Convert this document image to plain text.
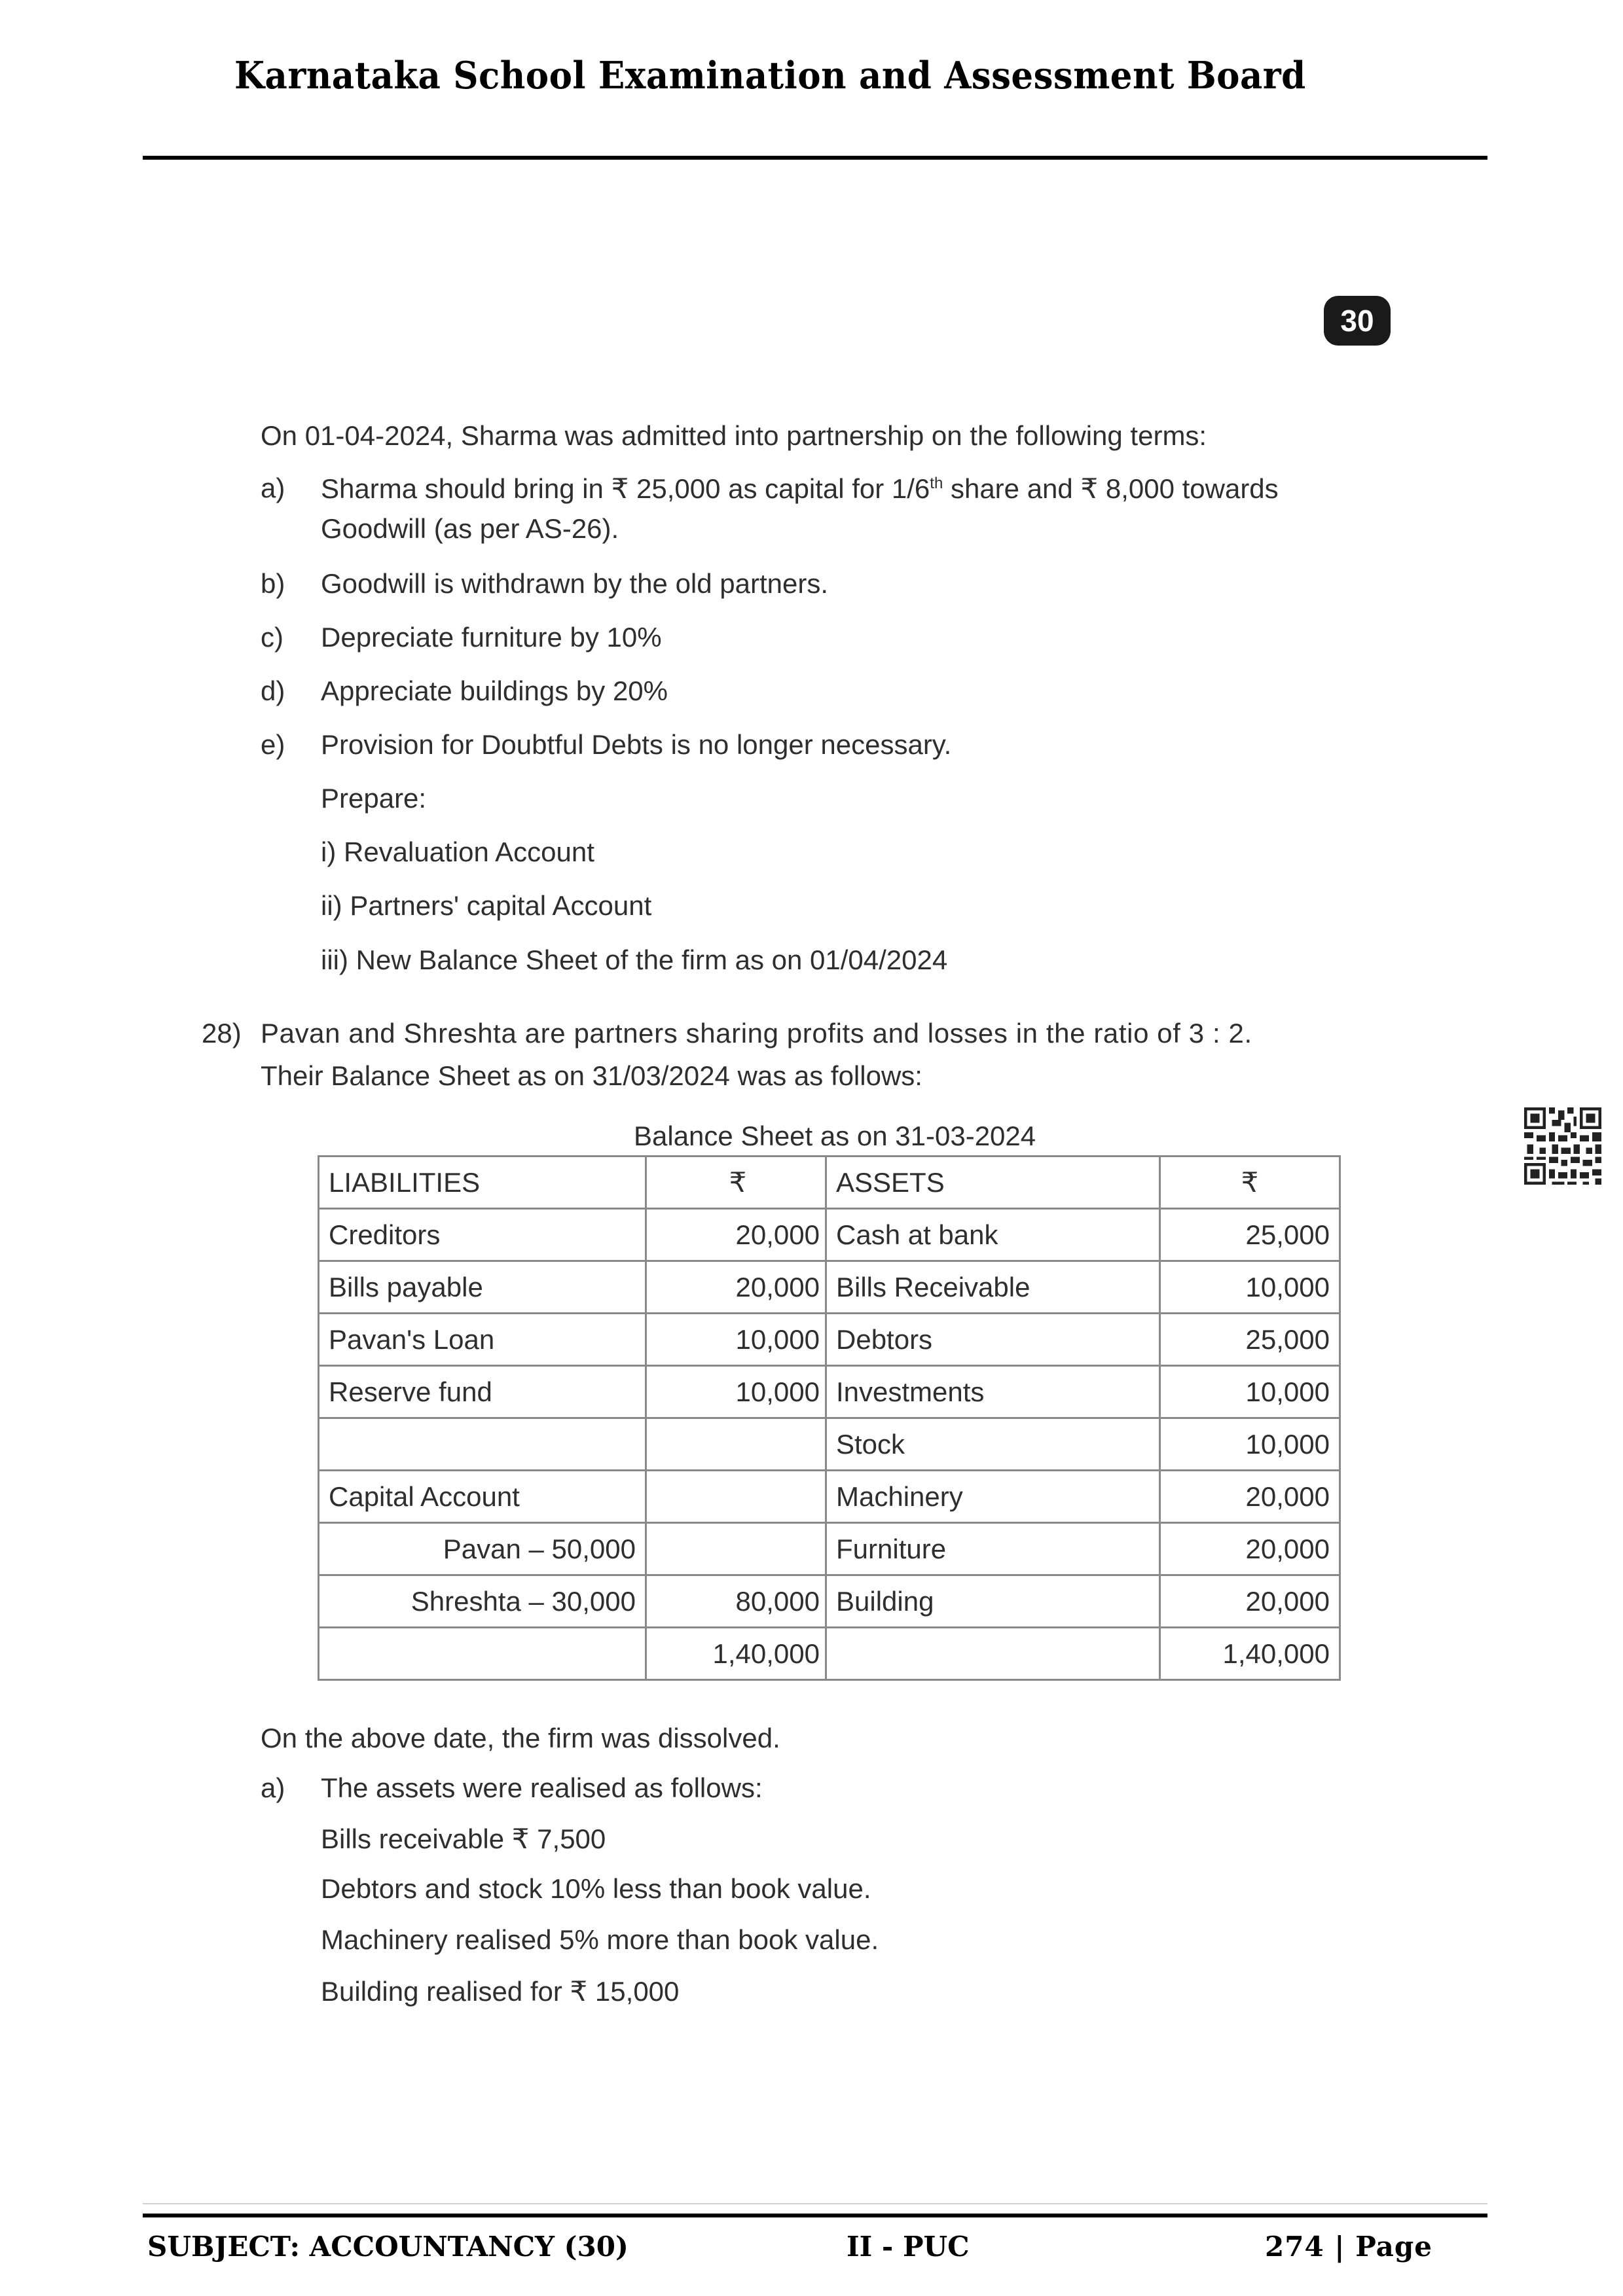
Karnataka School Examination and Assessment Board
30
On 01-04-2024, Sharma was admitted into partnership on the following terms:
a) Sharma should bring in ₹ 25,000 as capital for 1/6th share and ₹ 8,000 towards
Goodwill (as per AS-26).
b) Goodwill is withdrawn by the old partners.
c) Depreciate furniture by 10%
d) Appreciate buildings by 20%
e) Provision for Doubtful Debts is no longer necessary.
Prepare:
i) Revaluation Account
ii) Partners' capital Account
iii) New Balance Sheet of the firm as on 01/04/2024
28) Pavan and Shreshta are partners sharing profits and losses in the ratio of 3 : 2.
Their Balance Sheet as on 31/03/2024 was as follows:
Balance Sheet as on 31-03-2024
LIABILITIES	₹	ASSETS	₹
Creditors	20,000	Cash at bank	25,000
Bills payable	20,000	Bills Receivable	10,000
Pavan's Loan	10,000	Debtors	25,000
Reserve fund	10,000	Investments	10,000
		Stock	10,000
Capital Account		Machinery	20,000
Pavan – 50,000		Furniture	20,000
Shreshta – 30,000	80,000	Building	20,000
	1,40,000		1,40,000
On the above date, the firm was dissolved.
a) The assets were realised as follows:
Bills receivable ₹ 7,500
Debtors and stock 10% less than book value.
Machinery realised 5% more than book value.
Building realised for ₹ 15,000
SUBJECT: ACCOUNTANCY (30)	II - PUC	274 | Page
